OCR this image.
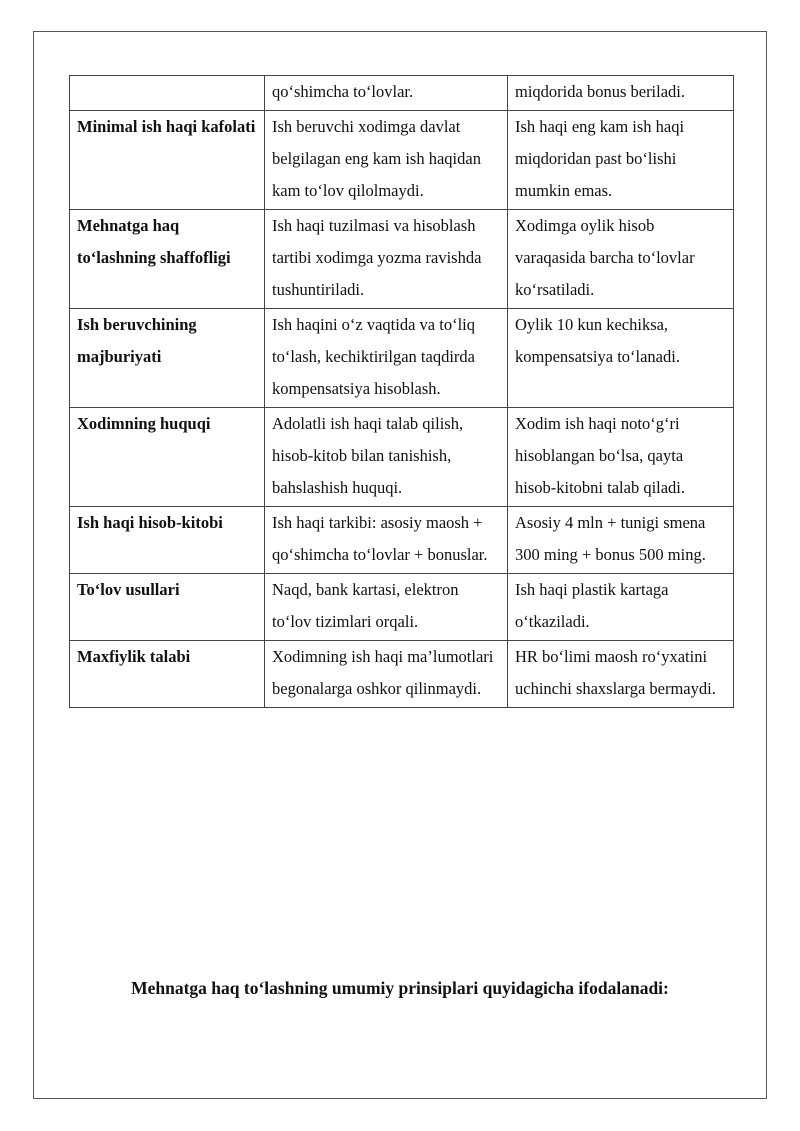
	qo‘shimcha to‘lovlar.	miqdorida bonus beriladi.

Minimal ish haqi kafolati	Ish beruvchi xodimga davlat belgilagan eng kam ish haqidan kam to‘lov qilolmaydi.	Ish haqi eng kam ish haqi miqdoridan past bo‘lishi mumkin emas.

Mehnatga haq to‘lashning shaffofligi	Ish haqi tuzilmasi va hisoblash tartibi xodimga yozma ravishda tushuntiriladi.	Xodimga oylik hisob varaqasida barcha to‘lovlar ko‘rsatiladi.

Ish beruvchining majburiyati	Ish haqini o‘z vaqtida va to‘liq to‘lash, kechiktirilgan taqdirda kompensatsiya hisoblash.	Oylik 10 kun kechiksa, kompensatsiya to‘lanadi.

Xodimning huquqi	Adolatli ish haqi talab qilish, hisob-kitob bilan tanishish, bahslashish huquqi.	Xodim ish haqi noto‘g‘ri hisoblangan bo‘lsa, qayta hisob-kitobni talab qiladi.

Ish haqi hisob-kitobi	Ish haqi tarkibi: asosiy maosh + qo‘shimcha to‘lovlar + bonuslar.	Asosiy 4 mln + tunigi smena 300 ming + bonus 500 ming.

To‘lov usullari	Naqd, bank kartasi, elektron to‘lov tizimlari orqali.	Ish haqi plastik kartaga o‘tkaziladi.

Maxfiylik talabi	Xodimning ish haqi ma’lumotlari begonalarga oshkor qilinmaydi.	HR bo‘limi maosh ro‘yxatini uchinchi shaxslarga bermaydi.
Mehnatga haq to‘lashning umumiy prinsiplari quyidagicha ifodalanadi:
